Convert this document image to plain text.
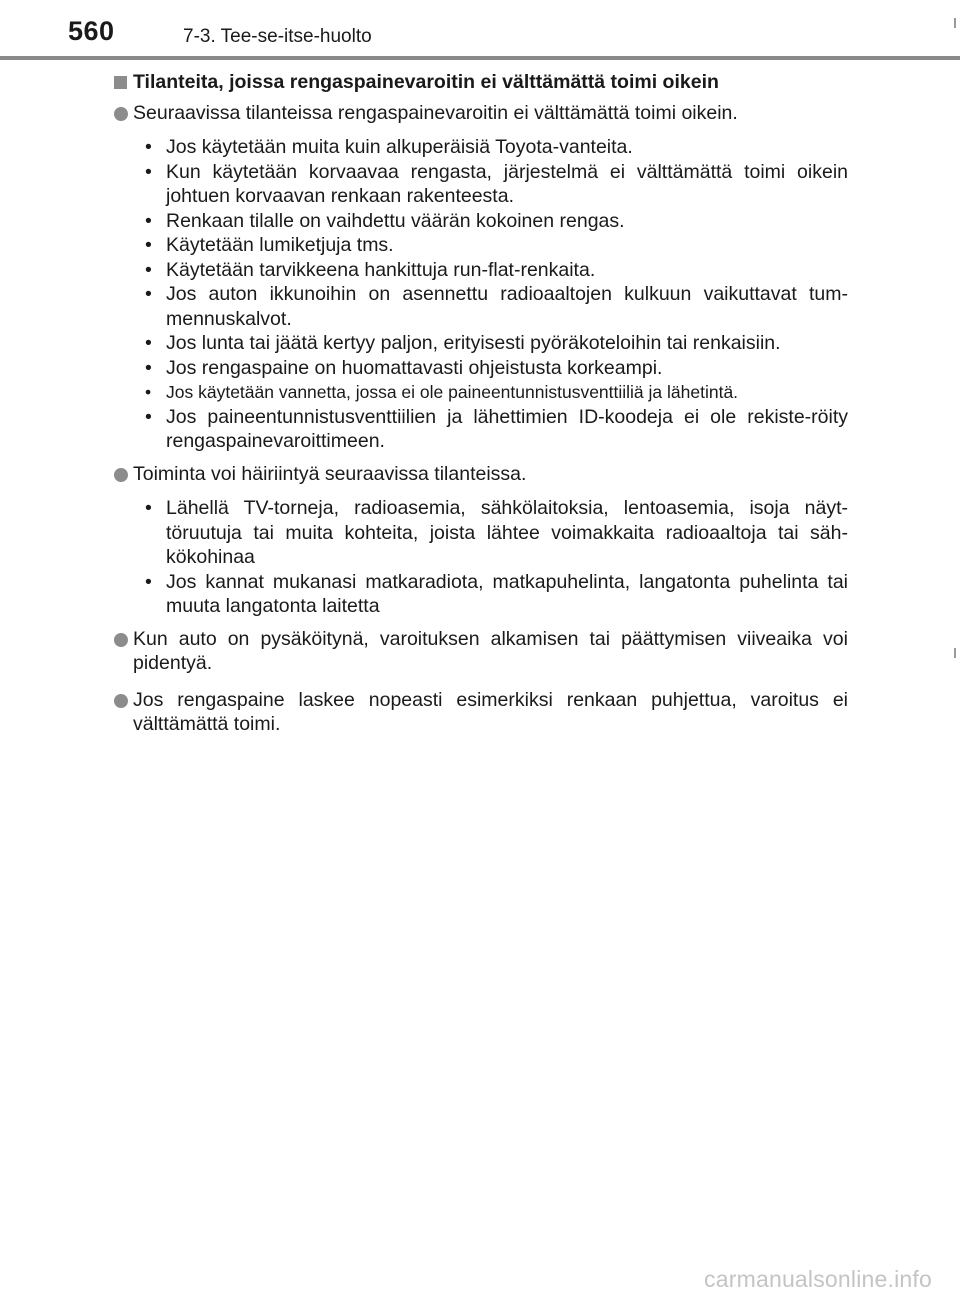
560	7-3. Tee-se-itse-huolto
Tilanteita, joissa rengaspainevaroitin ei välttämättä toimi oikein
Seuraavissa tilanteissa rengaspainevaroitin ei välttämättä toimi oikein.
• Jos käytetään muita kuin alkuperäisiä Toyota-vanteita.
• Kun käytetään korvaavaa rengasta, järjestelmä ei välttämättä toimi oikein johtuen korvaavan renkaan rakenteesta.
• Renkaan tilalle on vaihdettu väärän kokoinen rengas.
• Käytetään lumiketjuja tms.
• Käytetään tarvikkeena hankittuja run-flat-renkaita.
• Jos auton ikkunoihin on asennettu radioaaltojen kulkuun vaikuttavat tum-mennuskalvot.
• Jos lunta tai jäätä kertyy paljon, erityisesti pyöräkoteloihin tai renkaisiin.
• Jos rengaspaine on huomattavasti ohjeistusta korkeampi.
• Jos käytetään vannetta, jossa ei ole paineentunnistusventtiiliä ja lähetintä.
• Jos paineentunnistusventtiilien ja lähettimien ID-koodeja ei ole rekiste-röity rengaspainevaroittimeen.
Toiminta voi häiriintyä seuraavissa tilanteissa.
• Lähellä TV-torneja, radioasemia, sähkölaitoksia, lentoasemia, isoja näyt-töruutuja tai muita kohteita, joista lähtee voimakkaita radioaaltoja tai säh-kökohinaa
• Jos kannat mukanasi matkaradiota, matkapuhelinta, langatonta puhelinta tai muuta langatonta laitetta
Kun auto on pysäköitynä, varoituksen alkamisen tai päättymisen viiveaika voi pidentyä.
Jos rengaspaine laskee nopeasti esimerkiksi renkaan puhjettua, varoitus ei välttämättä toimi.
carmanualsonline.info
